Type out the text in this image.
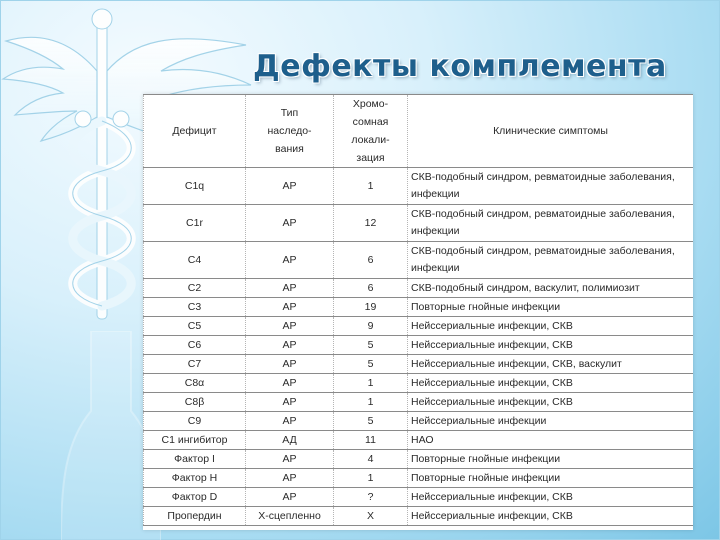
Дефекты комплемента
Дефицит	Тип наследо-вания	Хромо-сомная локали-зация	Клинические симптомы
C1q	АР	1	СКВ-подобный синдром, ревматоидные заболевания, инфекции
C1r	АР	12	СКВ-подобный синдром, ревматоидные заболевания, инфекции
C4	АР	6	СКВ-подобный синдром, ревматоидные заболевания, инфекции
C2	АР	6	СКВ-подобный синдром, васкулит, полимиозит
C3	АР	19	Повторные гнойные инфекции
C5	АР	9	Нейссериальные инфекции, СКВ
C6	АР	5	Нейссериальные инфекции, СКВ
C7	АР	5	Нейссериальные инфекции, СКВ, васкулит
C8α	АР	1	Нейссериальные инфекции, СКВ
C8β	АР	1	Нейссериальные инфекции, СКВ
C9	АР	5	Нейссериальные инфекции
C1 ингибитор	АД	11	НАО
Фактор I	АР	4	Повторные гнойные инфекции
Фактор H	АР	1	Повторные гнойные инфекции
Фактор D	АР	?	Нейссериальные инфекции, СКВ
Пропердин	Х-сцепленно	Х	Нейссериальные инфекции, СКВ
